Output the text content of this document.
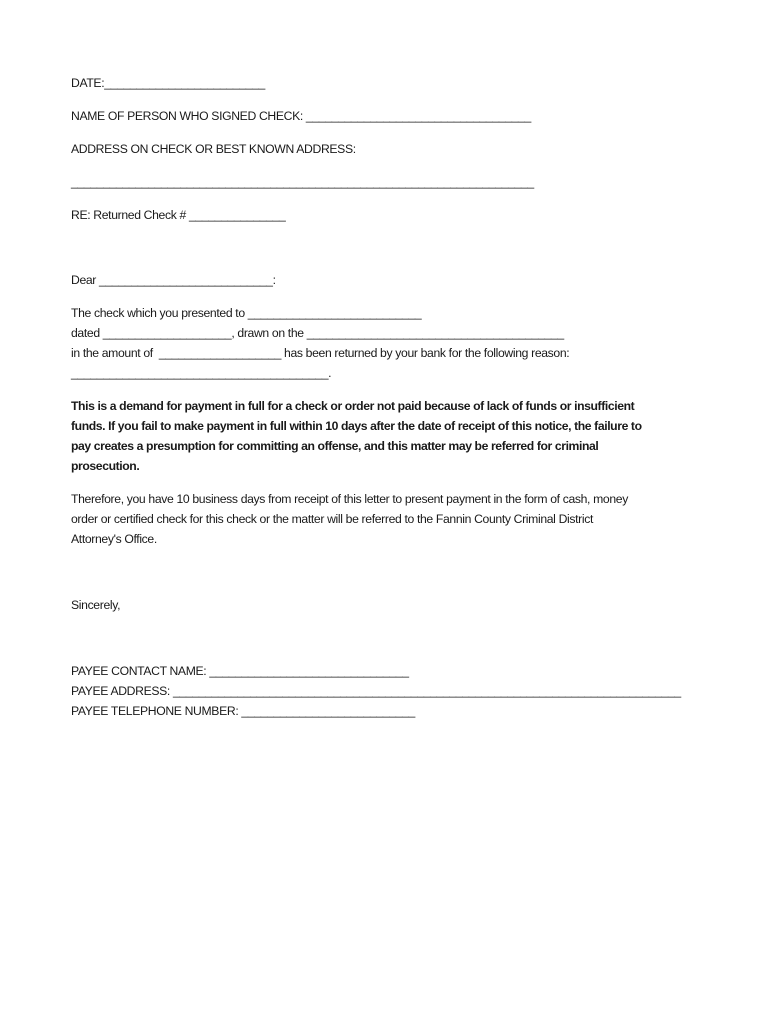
DATE:_________________________
NAME OF PERSON WHO SIGNED CHECK: ___________________________________
ADDRESS ON CHECK OR BEST KNOWN ADDRESS:
________________________________________________________________________
RE: Returned Check # _______________
Dear ___________________________:
The check which you presented to ___________________________
dated ____________________, drawn on the ________________________________________
in the amount of  ___________________ has been returned by your bank for the following reason:
________________________________________.
This is a demand for payment in full for a check or order not paid because of lack of funds or insufficient
funds. If you fail to make payment in full within 10 days after the date of receipt of this notice, the failure to
pay creates a presumption for committing an offense, and this matter may be referred for criminal
prosecution.
Therefore, you have 10 business days from receipt of this letter to present payment in the form of cash, money
order or certified check for this check or the matter will be referred to the Fannin County Criminal District
Attorney's Office.
Sincerely,
PAYEE CONTACT NAME: _______________________________
PAYEE ADDRESS: _______________________________________________________________________________
PAYEE TELEPHONE NUMBER: ___________________________
